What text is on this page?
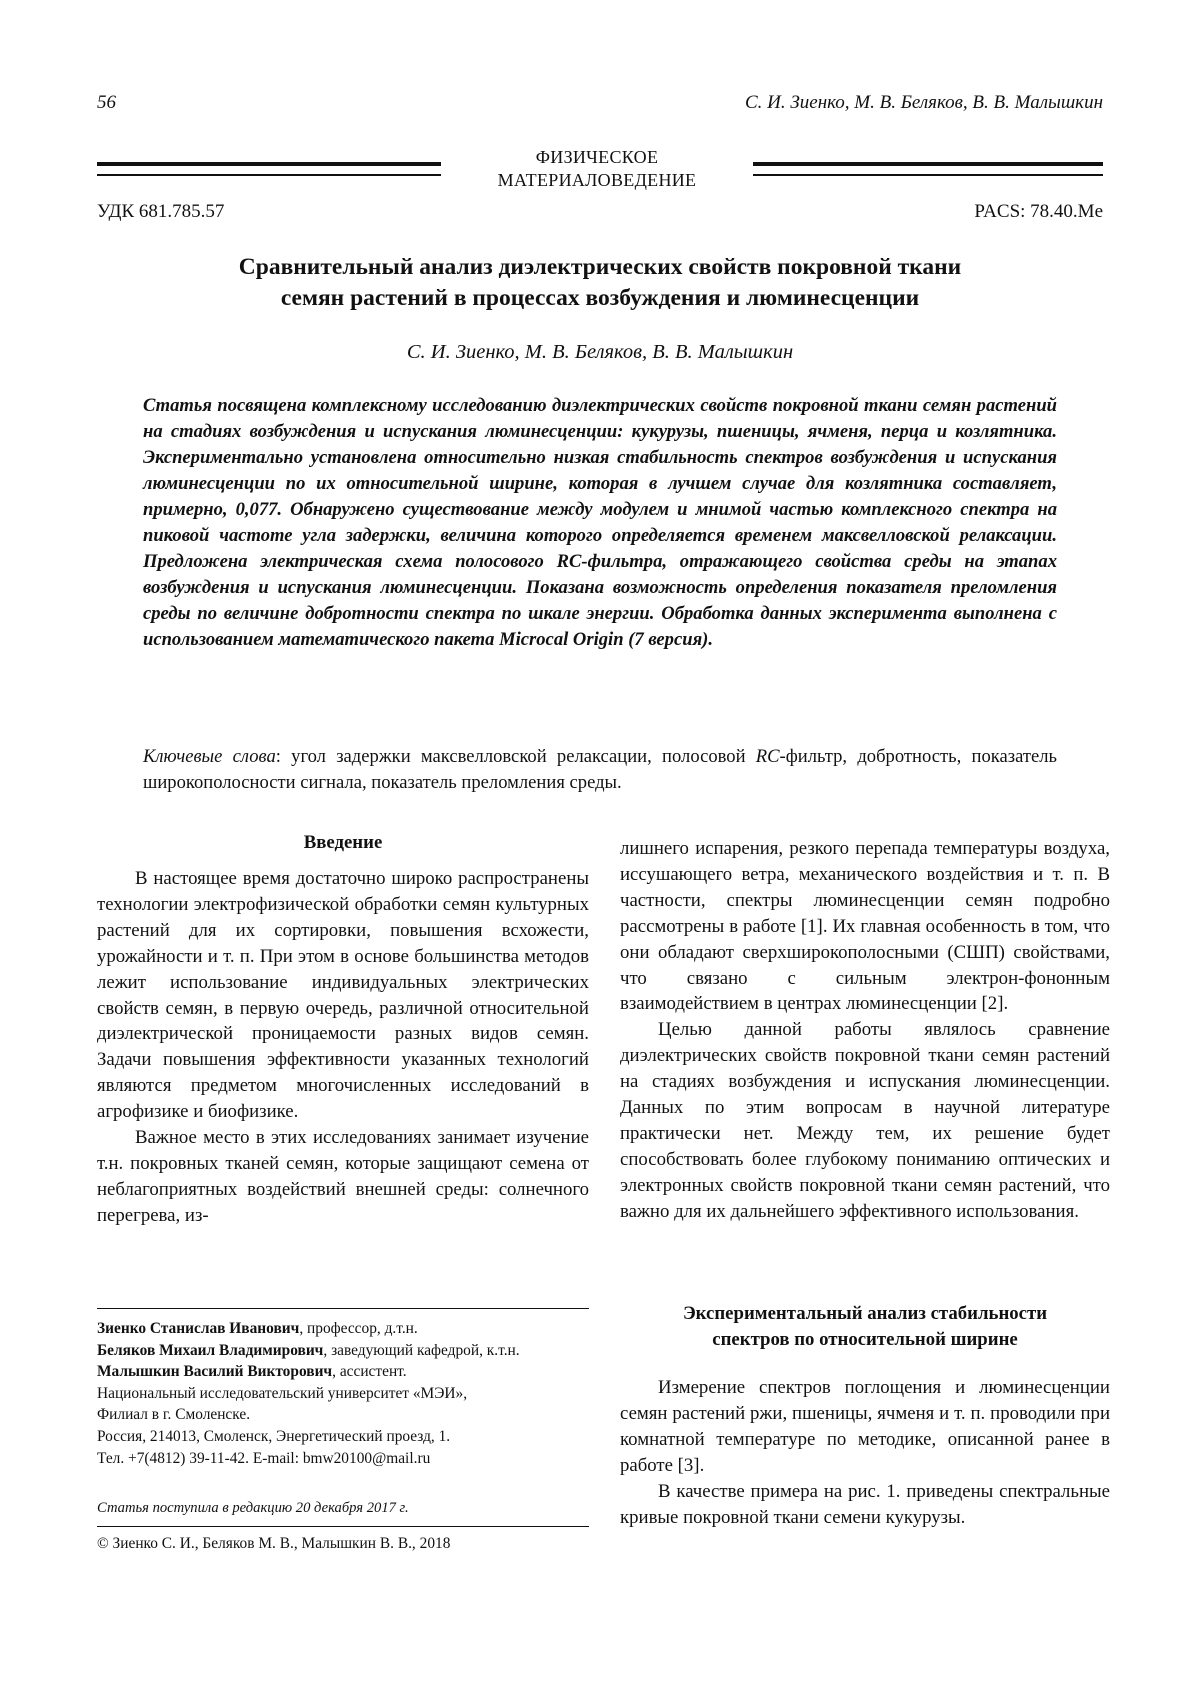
56	С. И. Зиенко, М. В. Беляков, В. В. Малышкин
ФИЗИЧЕСКОЕ
МАТЕРИАЛОВЕДЕНИЕ
УДК 681.785.57	PACS: 78.40.Me
Сравнительный анализ диэлектрических свойств покровной ткани
семян растений в процессах возбуждения и люминесценции
С. И. Зиенко, М. В. Беляков, В. В. Малышкин
Статья посвящена комплексному исследованию диэлектрических свойств покровной ткани семян растений на стадиях возбуждения и испускания люминесценции: кукурузы, пшеницы, ячменя, перца и козлятника. Экспериментально установлена относительно низкая стабильность спектров возбуждения и испускания люминесценции по их относительной ширине, которая в лучшем случае для козлятника составляет, примерно, 0,077. Обнаружено существование между модулем и мнимой частью комплексного спектра на пиковой частоте угла задержки, величина которого определяется временем максвелловской релаксации. Предложена электрическая схема полосового RC-фильтра, отражающего свойства среды на этапах возбуждения и испускания люминесценции. Показана возможность определения показателя преломления среды по величине добротности спектра по шкале энергии. Обработка данных эксперимента выполнена с использованием математического пакета Microcal Origin (7 версия).
Ключевые слова: угол задержки максвелловской релаксации, полосовой RC-фильтр, добротность, показатель широкополосности сигнала, показатель преломления среды.

Введение

В настоящее время достаточно широко распространены технологии электрофизической обработки семян культурных растений для их сортировки, повышения всхожести, урожайности и т. п. При этом в основе большинства методов лежит использование индивидуальных электрических свойств семян, в первую очередь, различной относительной диэлектрической проницаемости разных видов семян. Задачи повышения эффективности указанных технологий являются предметом многочисленных исследований в агрофизике и биофизике.

Важное место в этих исследованиях занимает изучение т.н. покровных тканей семян, которые защищают семена от неблагоприятных воздействий внешней среды: солнечного перегрева, из-

лишнего испарения, резкого перепада температуры воздуха, иссушающего ветра, механического воздействия и т. п. В частности, спектры люминесценции семян подробно рассмотрены в работе [1]. Их главная особенность в том, что они обладают сверхширокополосными (СШП) свойствами, что связано с сильным электрон-фононным взаимодействием в центрах люминесценции [2].

Целью данной работы являлось сравнение диэлектрических свойств покровной ткани семян растений на стадиях возбуждения и испускания люминесценции. Данных по этим вопросам в научной литературе практически нет. Между тем, их решение будет способствовать более глубокому пониманию оптических и электронных свойств покровной ткани семян растений, что важно для их дальнейшего эффективного использования.

Экспериментальный анализ стабильности
спектров по относительной ширине

Измерение спектров поглощения и люминесценции семян растений ржи, пшеницы, ячменя и т. п. проводили при комнатной температуре по методике, описанной ранее в работе [3].

В качестве примера на рис. 1. приведены спектральные кривые покровной ткани семени кукурузы.

Зиенко Станислав Иванович, профессор, д.т.н.

Беляков Михаил Владимирович, заведующий кафедрой, к.т.н.

Малышкин Василий Викторович, ассистент.

Национальный исследовательский университет «МЭИ»,

Филиал в г. Смоленске.

Россия, 214013, Смоленск, Энергетический проезд, 1.

Тел. +7(4812) 39-11-42. E-mail: bmw20100@mail.ru

Статья поступила в редакцию 20 декабря 2017 г.
© Зиенко С. И., Беляков М. В., Малышкин В. В., 2018
